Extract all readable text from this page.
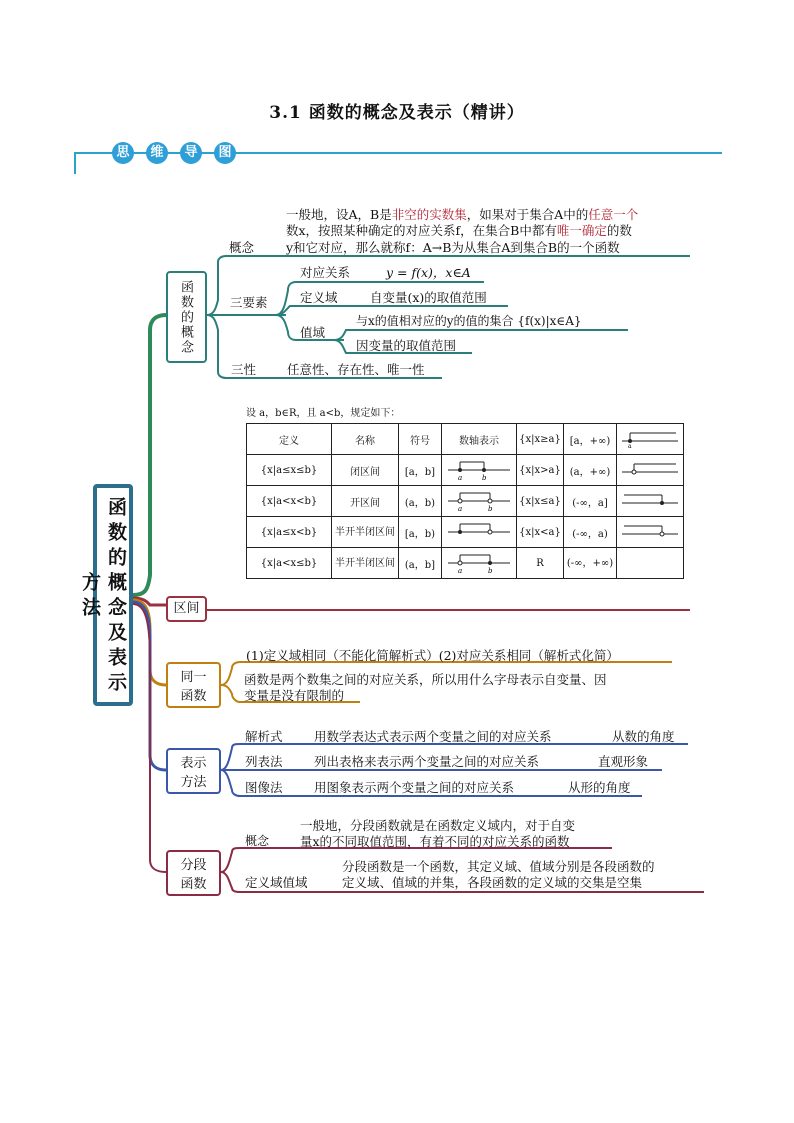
3.1 函数的概念及表示（精讲）
思	维	导	图
函数的概念及表示方法
函数的概念
概念
一般地，设A，B是非空的实数集，如果对于集合A中的任意一个
数x，按照某种确定的对应关系f，在集合B中都有唯一确定的数
y和它对应，那么就称f：A→B为从集合A到集合B的一个函数
三要素
对应关系	y = f(x)，x∈A
定义域	自变量(x)的取值范围
值域
与x的值相对应的y的值的集合 {f(x)|x∈A}
因变量的取值范围
三性 任意性、存在性、唯一性
设 a，b∈R，且 a<b，规定如下：
定义	名称	符号	数轴表示	{x|x≥a}	[a，+∞)	a

{x|a≤x≤b}	闭区间	[a，b]	a b	{x|x>a}	(a，+∞)	
{x|a<x<b}	开区间	(a，b)	a b	{x|x≤a}	(-∞，a]	
{x|a≤x<b}	半开半闭区间	[a，b)		{x|x<a}	(-∞，a)	
{x|a<x≤b}	半开半闭区间	(a，b]	a b	R	(-∞，+∞)	
区间
同一函数
(1)定义域相同（不能化简解析式）(2)对应关系相同（解析式化简）
函数是两个数集之间的对应关系，所以用什么字母表示自变量、因
变量是没有限制的
表示方法
解析式	用数学表达式表示两个变量之间的对应关系	从数的角度
列表法	列出表格来表示两个变量之间的对应关系	直观形象
图像法	用图象表示两个变量之间的对应关系	从形的角度
分段函数
概念
一般地，分段函数就是在函数定义域内，对于自变
量x的不同取值范围，有着不同的对应关系的函数
定义域值域
分段函数是一个函数，其定义域、值域分别是各段函数的
定义域、值域的并集，各段函数的定义域的交集是空集
